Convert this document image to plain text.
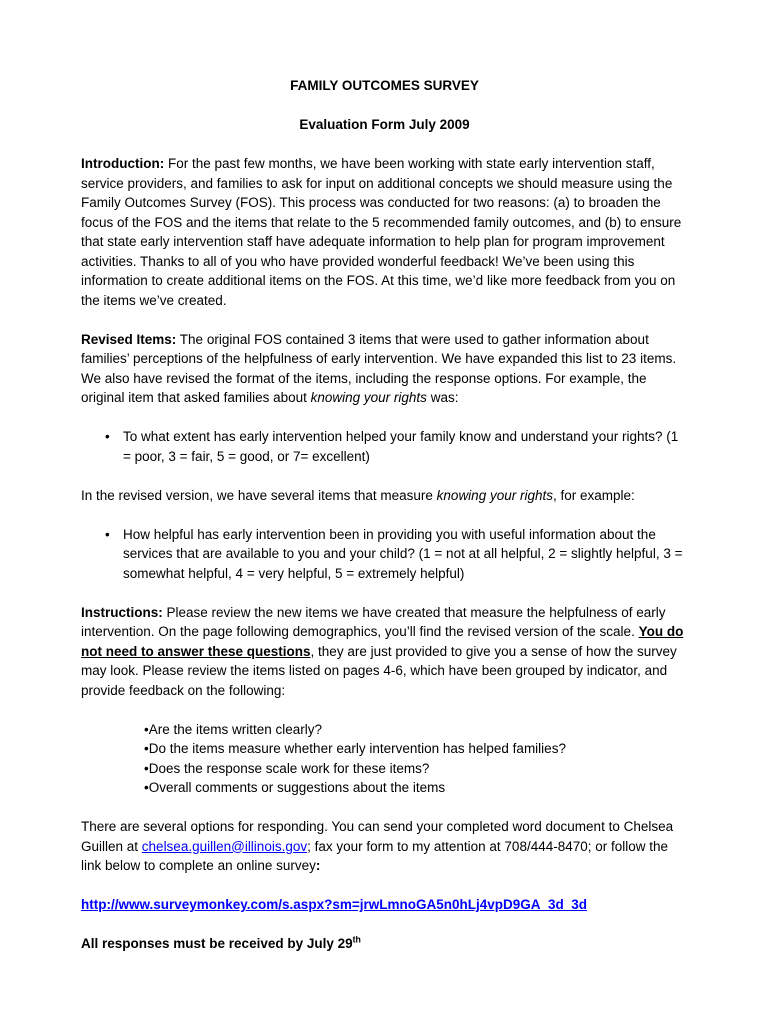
FAMILY OUTCOMES SURVEY
Evaluation Form July 2009
Introduction: For the past few months, we have been working with state early intervention staff, service providers, and families to ask for input on additional concepts we should measure using the Family Outcomes Survey (FOS). This process was conducted for two reasons: (a) to broaden the focus of the FOS and the items that relate to the 5 recommended family outcomes, and (b) to ensure that state early intervention staff have adequate information to help plan for program improvement activities. Thanks to all of you who have provided wonderful feedback! We’ve been using this information to create additional items on the FOS. At this time, we’d like more feedback from you on the items we’ve created.
Revised Items: The original FOS contained 3 items that were used to gather information about families’ perceptions of the helpfulness of early intervention. We have expanded this list to 23 items. We also have revised the format of the items, including the response options. For example, the original item that asked families about knowing your rights was:
• To what extent has early intervention helped your family know and understand your rights? (1 = poor, 3 = fair, 5 = good, or 7= excellent)
In the revised version, we have several items that measure knowing your rights, for example:
• How helpful has early intervention been in providing you with useful information about the services that are available to you and your child? (1 = not at all helpful, 2 = slightly helpful, 3 = somewhat helpful, 4 = very helpful, 5 = extremely helpful)
Instructions: Please review the new items we have created that measure the helpfulness of early intervention. On the page following demographics, you’ll find the revised version of the scale. You do not need to answer these questions, they are just provided to give you a sense of how the survey may look. Please review the items listed on pages 4-6, which have been grouped by indicator, and provide feedback on the following:
•Are the items written clearly?
•Do the items measure whether early intervention has helped families?
•Does the response scale work for these items?
•Overall comments or suggestions about the items
There are several options for responding. You can send your completed word document to Chelsea Guillen at chelsea.guillen@illinois.gov; fax your form to my attention at 708/444-8470; or follow the link below to complete an online survey:
http://www.surveymonkey.com/s.aspx?sm=jrwLmnoGA5n0hLj4vpD9GA_3d_3d
All responses must be received by July 29th
